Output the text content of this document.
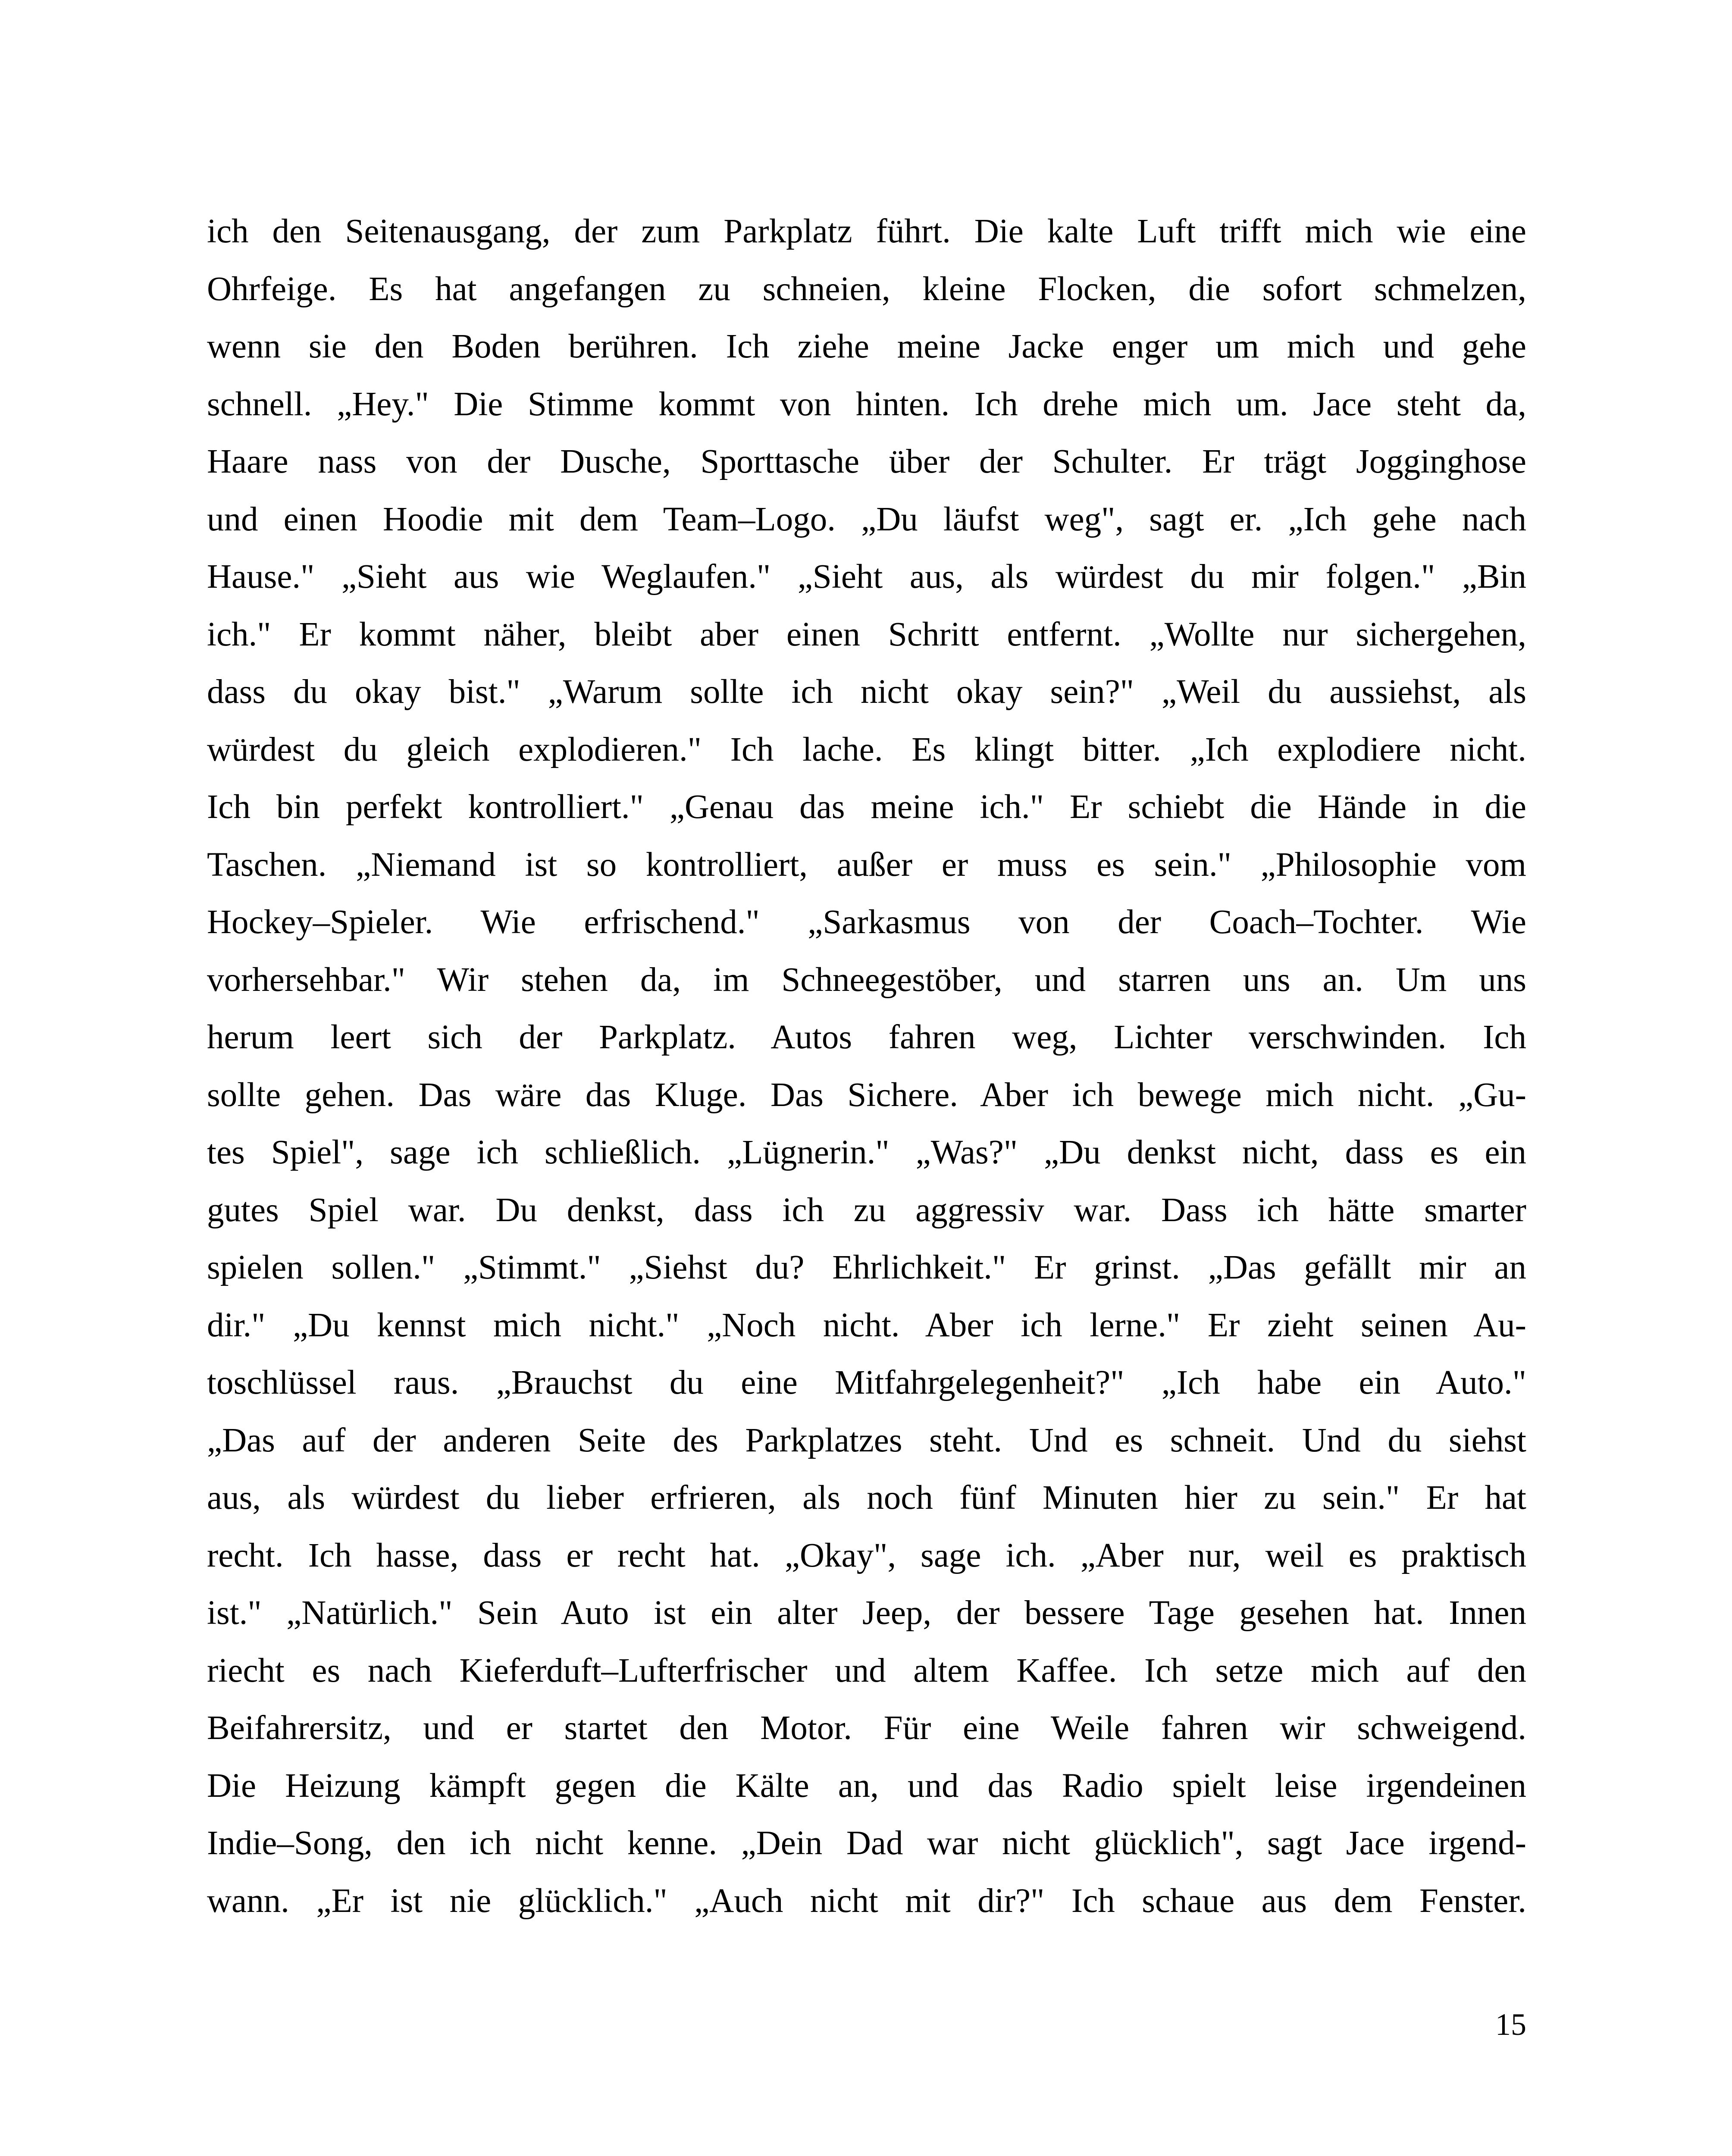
ich den Seitenausgang, der zum Parkplatz führt. Die kalte Luft trifft mich wie eine
Ohrfeige. Es hat angefangen zu schneien, kleine Flocken, die sofort schmelzen,
wenn sie den Boden berühren. Ich ziehe meine Jacke enger um mich und gehe
schnell. „Hey." Die Stimme kommt von hinten. Ich drehe mich um. Jace steht da,
Haare nass von der Dusche, Sporttasche über der Schulter. Er trägt Jogginghose
und einen Hoodie mit dem Team–Logo. „Du läufst weg", sagt er. „Ich gehe nach
Hause." „Sieht aus wie Weglaufen." „Sieht aus, als würdest du mir folgen." „Bin
ich." Er kommt näher, bleibt aber einen Schritt entfernt. „Wollte nur sichergehen,
dass du okay bist." „Warum sollte ich nicht okay sein?" „Weil du aussiehst, als
würdest du gleich explodieren." Ich lache. Es klingt bitter. „Ich explodiere nicht.
Ich bin perfekt kontrolliert." „Genau das meine ich." Er schiebt die Hände in die
Taschen. „Niemand ist so kontrolliert, außer er muss es sein." „Philosophie vom
Hockey–Spieler. Wie erfrischend." „Sarkasmus von der Coach–Tochter. Wie
vorhersehbar." Wir stehen da, im Schneegestöber, und starren uns an. Um uns
herum leert sich der Parkplatz. Autos fahren weg, Lichter verschwinden. Ich
sollte gehen. Das wäre das Kluge. Das Sichere. Aber ich bewege mich nicht. „Gu-
tes Spiel", sage ich schließlich. „Lügnerin." „Was?" „Du denkst nicht, dass es ein
gutes Spiel war. Du denkst, dass ich zu aggressiv war. Dass ich hätte smarter
spielen sollen." „Stimmt." „Siehst du? Ehrlichkeit." Er grinst. „Das gefällt mir an
dir." „Du kennst mich nicht." „Noch nicht. Aber ich lerne." Er zieht seinen Au-
toschlüssel raus. „Brauchst du eine Mitfahrgelegenheit?" „Ich habe ein Auto."
„Das auf der anderen Seite des Parkplatzes steht. Und es schneit. Und du siehst
aus, als würdest du lieber erfrieren, als noch fünf Minuten hier zu sein." Er hat
recht. Ich hasse, dass er recht hat. „Okay", sage ich. „Aber nur, weil es praktisch
ist." „Natürlich." Sein Auto ist ein alter Jeep, der bessere Tage gesehen hat. Innen
riecht es nach Kieferduft–Lufterfrischer und altem Kaffee. Ich setze mich auf den
Beifahrersitz, und er startet den Motor. Für eine Weile fahren wir schweigend.
Die Heizung kämpft gegen die Kälte an, und das Radio spielt leise irgendeinen
Indie–Song, den ich nicht kenne. „Dein Dad war nicht glücklich", sagt Jace irgend-
wann. „Er ist nie glücklich." „Auch nicht mit dir?" Ich schaue aus dem Fenster.
15
